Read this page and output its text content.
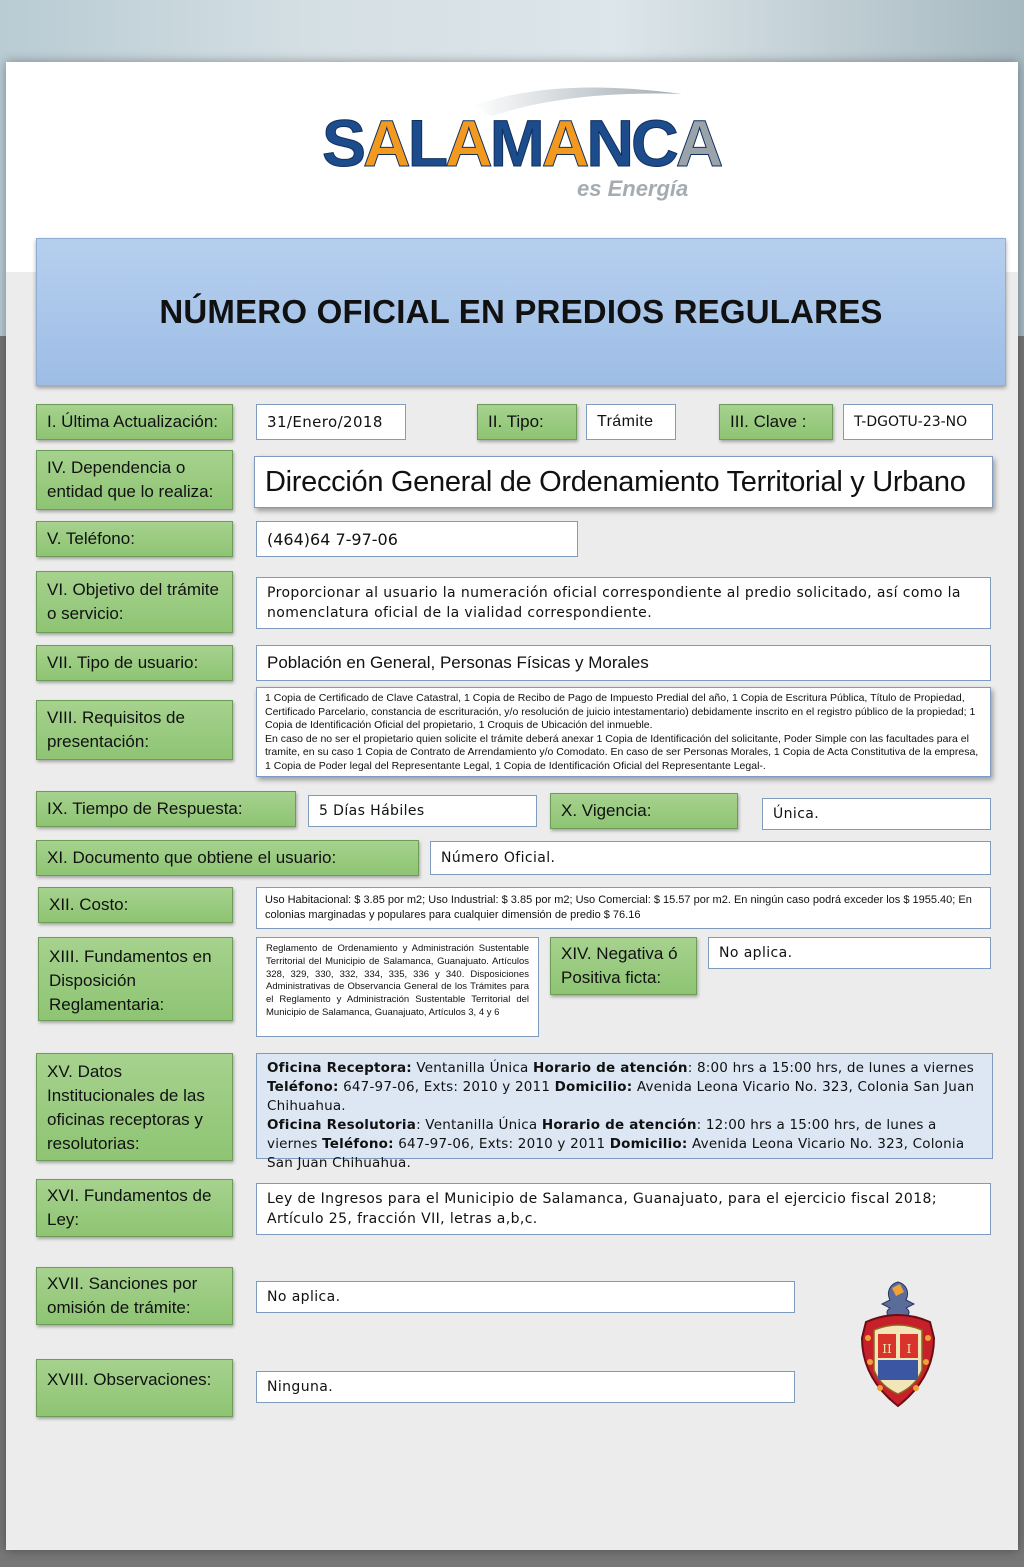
SALAMANCA
es Energía
SALAMANCA
NÚMERO OFICIAL EN PREDIOS REGULARES
I. Última Actualización:	31/Enero/2018	II. Tipo:	Trámite	III. Clave :	T-DGOTU-23-NO
IV. Dependencia o entidad que lo realiza:	Dirección General de Ordenamiento Territorial y Urbano
V. Teléfono:	(464)64 7-97-06
VI. Objetivo del trámite o servicio:
Proporcionar al usuario la numeración oficial correspondiente al predio solicitado, así como la nomenclatura oficial de la vialidad correspondiente.
VII. Tipo de usuario:	Población en General, Personas Físicas y Morales
VIII. Requisitos de presentación:
1 Copia de Certificado de Clave Catastral, 1 Copia de Recibo de Pago de Impuesto Predial del año, 1 Copia de Escritura Pública, Título de Propiedad, Certificado Parcelario, constancia de escrituración, y/o resolución de juicio intestamentario) debidamente inscrito en el registro público de la propiedad; 1 Copia de Identificación Oficial del propietario, 1 Croquis de Ubicación del inmueble.
En caso de no ser el propietario quien solicite el trámite deberá anexar 1 Copia de Identificación del solicitante, Poder Simple con las facultades para el tramite, en su caso 1 Copia de Contrato de Arrendamiento y/o Comodato. En caso de ser Personas Morales, 1 Copia de Acta Constitutiva de la empresa, 1 Copia de Poder legal del Representante Legal, 1 Copia de Identificación Oficial del Representante Legal-.
IX. Tiempo de Respuesta:	5 Días Hábiles	X. Vigencia:	Única.
XI. Documento que obtiene el usuario:	Número Oficial.
XII. Costo:	Uso Habitacional: $ 3.85 por m2; Uso Industrial: $ 3.85 por m2; Uso Comercial: $ 15.57 por m2. En ningún caso podrá exceder los $ 1955.40; En colonias marginadas y populares para cualquier dimensión de predio $ 76.16
XIII. Fundamentos en Disposición Reglamentaria:
Reglamento de Ordenamiento y Administración Sustentable Territorial del Municipio de Salamanca, Guanajuato. Artículos 328, 329, 330, 332, 334, 335, 336 y 340. Disposiciones Administrativas de Observancia General de los Trámites para el Reglamento y Administración Sustentable Territorial del Municipio de Salamanca, Guanajuato, Artículos 3, 4 y 6
XIV. Negativa ó Positiva ficta:
No aplica.
XV. Datos Institucionales de las oficinas receptoras y resolutorias:
Oficina Receptora: Ventanilla Única Horario de atención: 8:00 hrs a 15:00 hrs, de lunes a viernes Teléfono: 647-97-06, Exts: 2010 y 2011 Domicilio: Avenida Leona Vicario No. 323, Colonia San Juan Chihuahua.
Oficina Resolutoria: Ventanilla Única Horario de atención: 12:00 hrs a 15:00 hrs, de lunes a viernes Teléfono: 647-97-06, Exts: 2010 y 2011 Domicilio: Avenida Leona Vicario No. 323, Colonia San Juan Chihuahua.
XVI. Fundamentos de Ley:
Ley de Ingresos para el Municipio de Salamanca, Guanajuato, para el ejercicio fiscal 2018; Artículo 25, fracción VII, letras a,b,c.
XVII. Sanciones por omisión de trámite:
No aplica.
XVIII. Observaciones:	Ninguna.
II I
